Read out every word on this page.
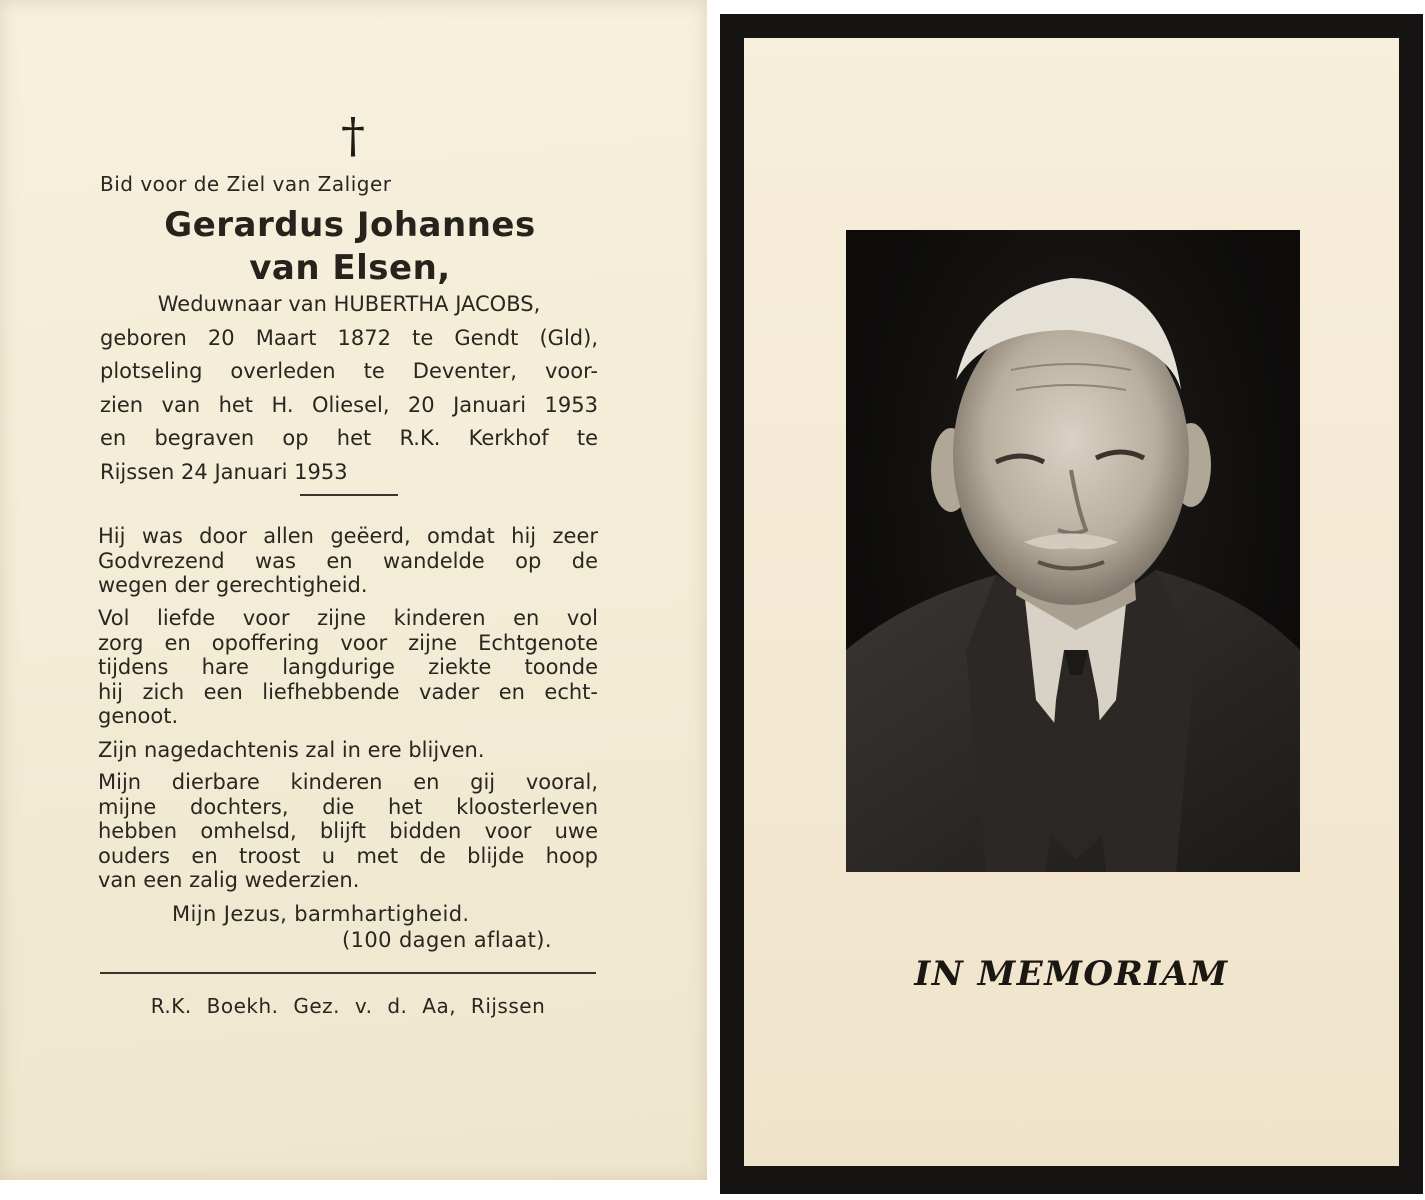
†
Bid voor de Ziel van Zaliger
Gerardus Johannes
van Elsen,
Weduwnaar van HUBERTHA JACOBS,
geboren 20 Maart 1872 te Gendt (Gld),
plotseling overleden te Deventer, voor-
zien van het H. Oliesel, 20 Januari 1953
en begraven op het R.K. Kerkhof te
Rijssen 24 Januari 1953
Hij was door allen geëerd, omdat hij zeer
Godvrezend was en wandelde op de
wegen der gerechtigheid.
Vol liefde voor zijne kinderen en vol
zorg en opoffering voor zijne Echtgenote
tijdens hare langdurige ziekte toonde
hij zich een liefhebbende vader en echt-
genoot.
Zijn nagedachtenis zal in ere blijven.
Mijn dierbare kinderen en gij vooral,
mijne dochters, die het kloosterleven
hebben omhelsd, blijft bidden voor uwe
ouders en troost u met de blijde hoop
van een zalig wederzien.
Mijn Jezus, barmhartigheid.
(100 dagen aflaat).
R.K. Boekh. Gez. v. d. Aa, Rijssen
IN MEMORIAM
